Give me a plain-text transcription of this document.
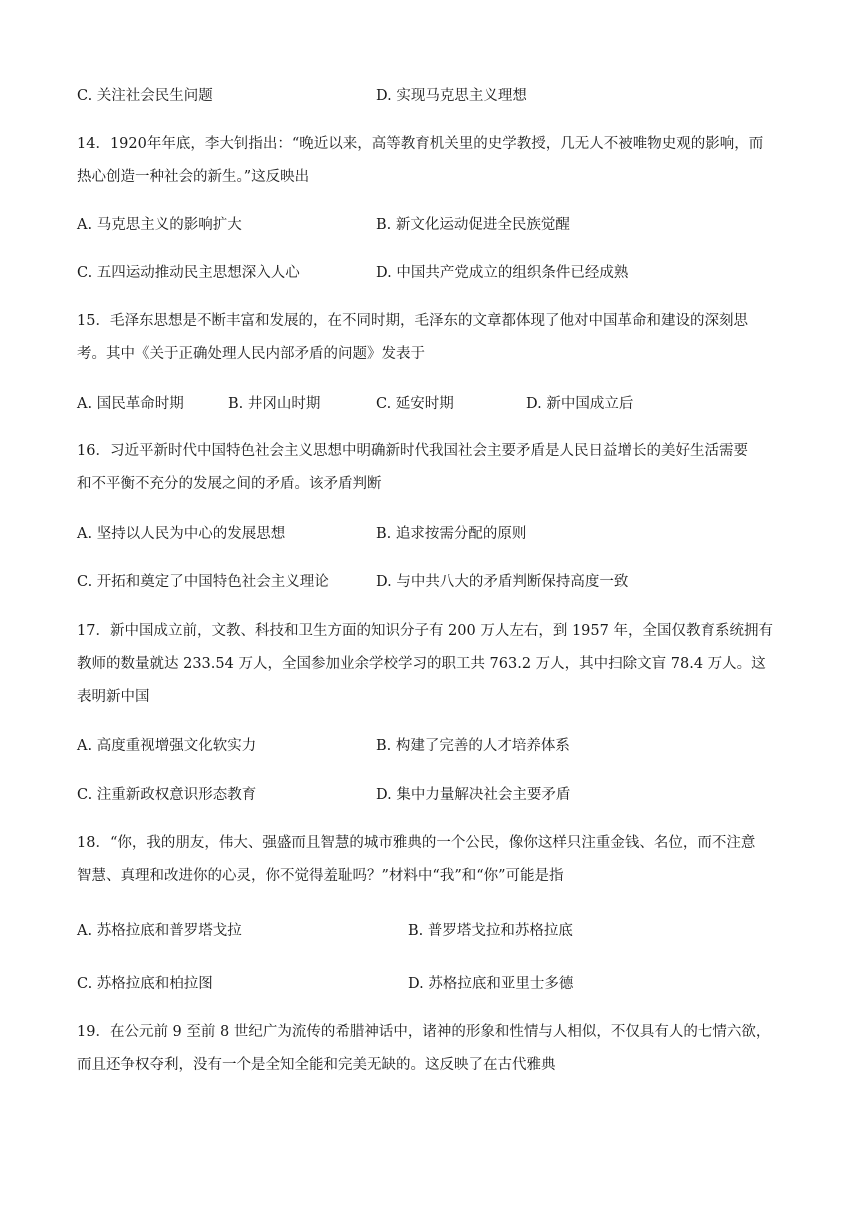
C. 关注社会民生问题	D. 实现马克思主义理想
14．1920年年底，李大钊指出：“晚近以来，高等教育机关里的史学教授，几无人不被唯物史观的影响，而
热心创造一种社会的新生。”这反映出
A. 马克思主义的影响扩大	B. 新文化运动促进全民族觉醒
C. 五四运动推动民主思想深入人心	D. 中国共产党成立的组织条件已经成熟
15．毛泽东思想是不断丰富和发展的，在不同时期，毛泽东的文章都体现了他对中国革命和建设的深刻思
考。其中《关于正确处理人民内部矛盾的问题》发表于
A. 国民革命时期	B. 井冈山时期	C. 延安时期	D. 新中国成立后
16．习近平新时代中国特色社会主义思想中明确新时代我国社会主要矛盾是人民日益增长的美好生活需要
和不平衡不充分的发展之间的矛盾。该矛盾判断
A. 坚持以人民为中心的发展思想	B. 追求按需分配的原则
C. 开拓和奠定了中国特色社会主义理论	D. 与中共八大的矛盾判断保持高度一致
17．新中国成立前，文教、科技和卫生方面的知识分子有 200 万人左右，到 1957 年，全国仅教育系统拥有
教师的数量就达 233.54 万人，全国参加业余学校学习的职工共 763.2 万人，其中扫除文盲 78.4 万人。这
表明新中国
A. 高度重视增强文化软实力	B. 构建了完善的人才培养体系
C. 注重新政权意识形态教育	D. 集中力量解决社会主要矛盾
18．“你，我的朋友，伟大、强盛而且智慧的城市雅典的一个公民，像你这样只注重金钱、名位，而不注意
智慧、真理和改进你的心灵，你不觉得羞耻吗？”材料中“我”和“你”可能是指
A. 苏格拉底和普罗塔戈拉	B. 普罗塔戈拉和苏格拉底
C. 苏格拉底和柏拉图	D. 苏格拉底和亚里士多德
19．在公元前 9 至前 8 世纪广为流传的希腊神话中，诸神的形象和性情与人相似，不仅具有人的七情六欲，
而且还争权夺利，没有一个是全知全能和完美无缺的。这反映了在古代雅典
